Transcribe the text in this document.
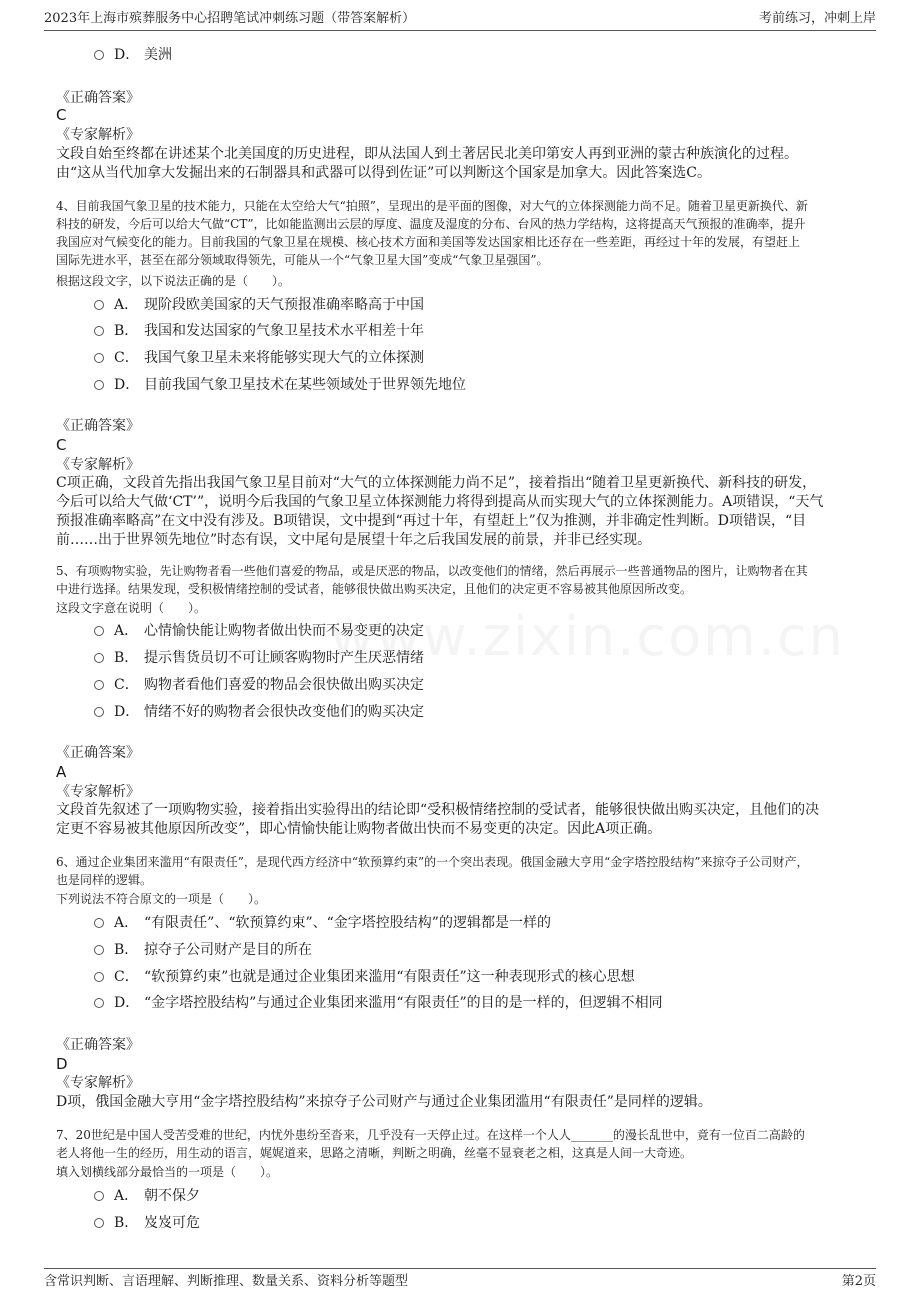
2023年上海市殡葬服务中心招聘笔试冲刺练习题（带答案解析）	考前练习，冲刺上岸
D． 美洲
《正确答案》
C
《专家解析》
文段自始至终都在讲述某个北美国度的历史进程，即从法国人到土著居民北美印第安人再到亚洲的蒙古种族演化的过程。
由“这从当代加拿大发掘出来的石制器具和武器可以得到佐证”可以判断这个国家是加拿大。因此答案选C。
4、目前我国气象卫星的技术能力，只能在太空给大气“拍照”，呈现出的是平面的图像，对大气的立体探测能力尚不足。随着卫星更新换代、新
科技的研发，今后可以给大气做“CT”，比如能监测出云层的厚度、温度及湿度的分布、台风的热力学结构，这将提高天气预报的准确率，提升
我国应对气候变化的能力。目前我国的气象卫星在规模、核心技术方面和美国等发达国家相比还存在一些差距，再经过十年的发展，有望赶上
国际先进水平，甚至在部分领域取得领先，可能从一个“气象卫星大国”变成“气象卫星强国”。
根据这段文字，以下说法正确的是（　　）。
A． 现阶段欧美国家的天气预报准确率略高于中国
B． 我国和发达国家的气象卫星技术水平相差十年
C． 我国气象卫星未来将能够实现大气的立体探测
D． 目前我国气象卫星技术在某些领域处于世界领先地位
《正确答案》
C
《专家解析》
C项正确，文段首先指出我国气象卫星目前对“大气的立体探测能力尚不足”，接着指出“随着卫星更新换代、新科技的研发，
今后可以给大气做‘CT’”，说明今后我国的气象卫星立体探测能力将得到提高从而实现大气的立体探测能力。A项错误，“天气
预报准确率略高”在文中没有涉及。B项错误，文中提到“再过十年，有望赶上”仅为推测，并非确定性判断。D项错误，“目
前……出于世界领先地位”时态有误，文中尾句是展望十年之后我国发展的前景，并非已经实现。
5、有项购物实验，先让购物者看一些他们喜爱的物品，或是厌恶的物品，以改变他们的情绪，然后再展示一些普通物品的图片，让购物者在其
中进行选择。结果发现，受积极情绪控制的受试者，能够很快做出购买决定，且他们的决定更不容易被其他原因所改变。
这段文字意在说明（　　）。
A． 心情愉快能让购物者做出快而不易变更的决定
B． 提示售货员切不可让顾客购物时产生厌恶情绪
C． 购物者看他们喜爱的物品会很快做出购买决定
D． 情绪不好的购物者会很快改变他们的购买决定
《正确答案》
A
《专家解析》
文段首先叙述了一项购物实验，接着指出实验得出的结论即“受积极情绪控制的受试者，能够很快做出购买决定，且他们的决
定更不容易被其他原因所改变”，即心情愉快能让购物者做出快而不易变更的决定。因此A项正确。
6、通过企业集团来滥用“有限责任”，是现代西方经济中“软预算约束”的一个突出表现。俄国金融大亨用“金字塔控股结构”来掠夺子公司财产，
也是同样的逻辑。
下列说法不符合原文的一项是（　　）。
A． “有限责任”、“软预算约束”、“金字塔控股结构”的逻辑都是一样的
B． 掠夺子公司财产是目的所在
C． “软预算约束”也就是通过企业集团来滥用“有限责任”这一种表现形式的核心思想
D． “金字塔控股结构”与通过企业集团来滥用“有限责任”的目的是一样的，但逻辑不相同
《正确答案》
D
《专家解析》
D项，俄国金融大亨用“金字塔控股结构”来掠夺子公司财产与通过企业集团滥用“有限责任”是同样的逻辑。
7、20世纪是中国人受苦受难的世纪，内忧外患纷至沓来，几乎没有一天停止过。在这样一个人人_______的漫长乱世中，竟有一位百二高龄的
老人将他一生的经历，用生动的语言，娓娓道来，思路之清晰，判断之明确，丝毫不显衰老之相，这真是人间一大奇迹。
填入划横线部分最恰当的一项是（　　）。
A． 朝不保夕
B． 岌岌可危
含常识判断、言语理解、判断推理、数量关系、资料分析等题型	第2页
